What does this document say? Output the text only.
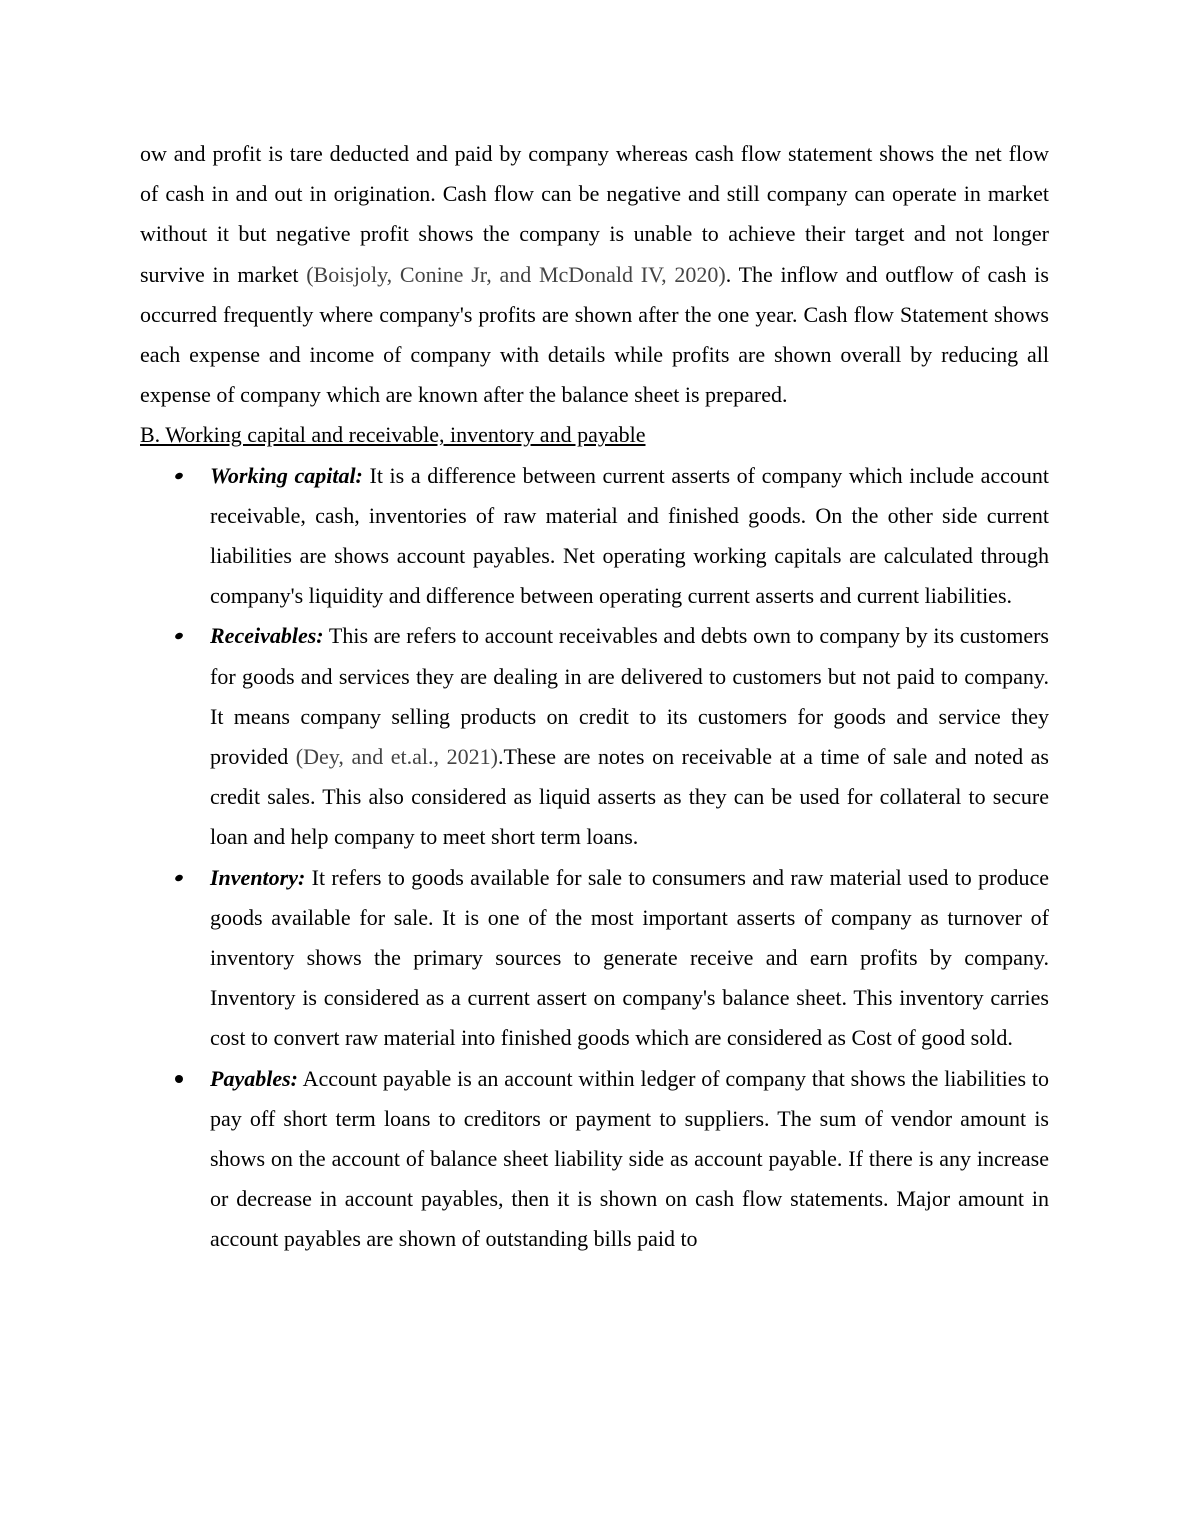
ow and profit is tare deducted and paid by company whereas cash flow statement shows the net flow of cash in and out in origination. Cash flow can be negative and still company can operate in market without it but negative profit shows the company is unable to achieve their target and not longer survive in market (Boisjoly, Conine Jr, and McDonald IV, 2020). The inflow and outflow of cash is occurred frequently where company's profits are shown after the one year. Cash flow Statement shows each expense and income of company with details while profits are shown overall by reducing all expense of company which are known after the balance sheet is prepared.

B. Working capital and receivable, inventory and payable

Working capital: It is a difference between current asserts of company which include account receivable, cash, inventories of raw material and finished goods. On the other side current liabilities are shows account payables. Net operating working capitals are calculated through company's liquidity and difference between operating current asserts and current liabilities.
Receivables: This are refers to account receivables and debts own to company by its customers for goods and services they are dealing in are delivered to customers but not paid to company. It means company selling products on credit to its customers for goods and service they provided (Dey, and et.al., 2021).These are notes on receivable at a time of sale and noted as credit sales. This also considered as liquid asserts as they can be used for collateral to secure loan and help company to meet short term loans.
Inventory: It refers to goods available for sale to consumers and raw material used to produce goods available for sale. It is one of the most important asserts of company as turnover of inventory shows the primary sources to generate receive and earn profits by company. Inventory is considered as a current assert on company's balance sheet. This inventory carries cost to convert raw material into finished goods which are considered as Cost of good sold.
Payables: Account payable is an account within ledger of company that shows the liabilities to pay off short term loans to creditors or payment to suppliers. The sum of vendor amount is shows on the account of balance sheet liability side as account payable. If there is any increase or decrease in account payables, then it is shown on cash flow statements. Major amount in account payables are shown of outstanding bills paid to
